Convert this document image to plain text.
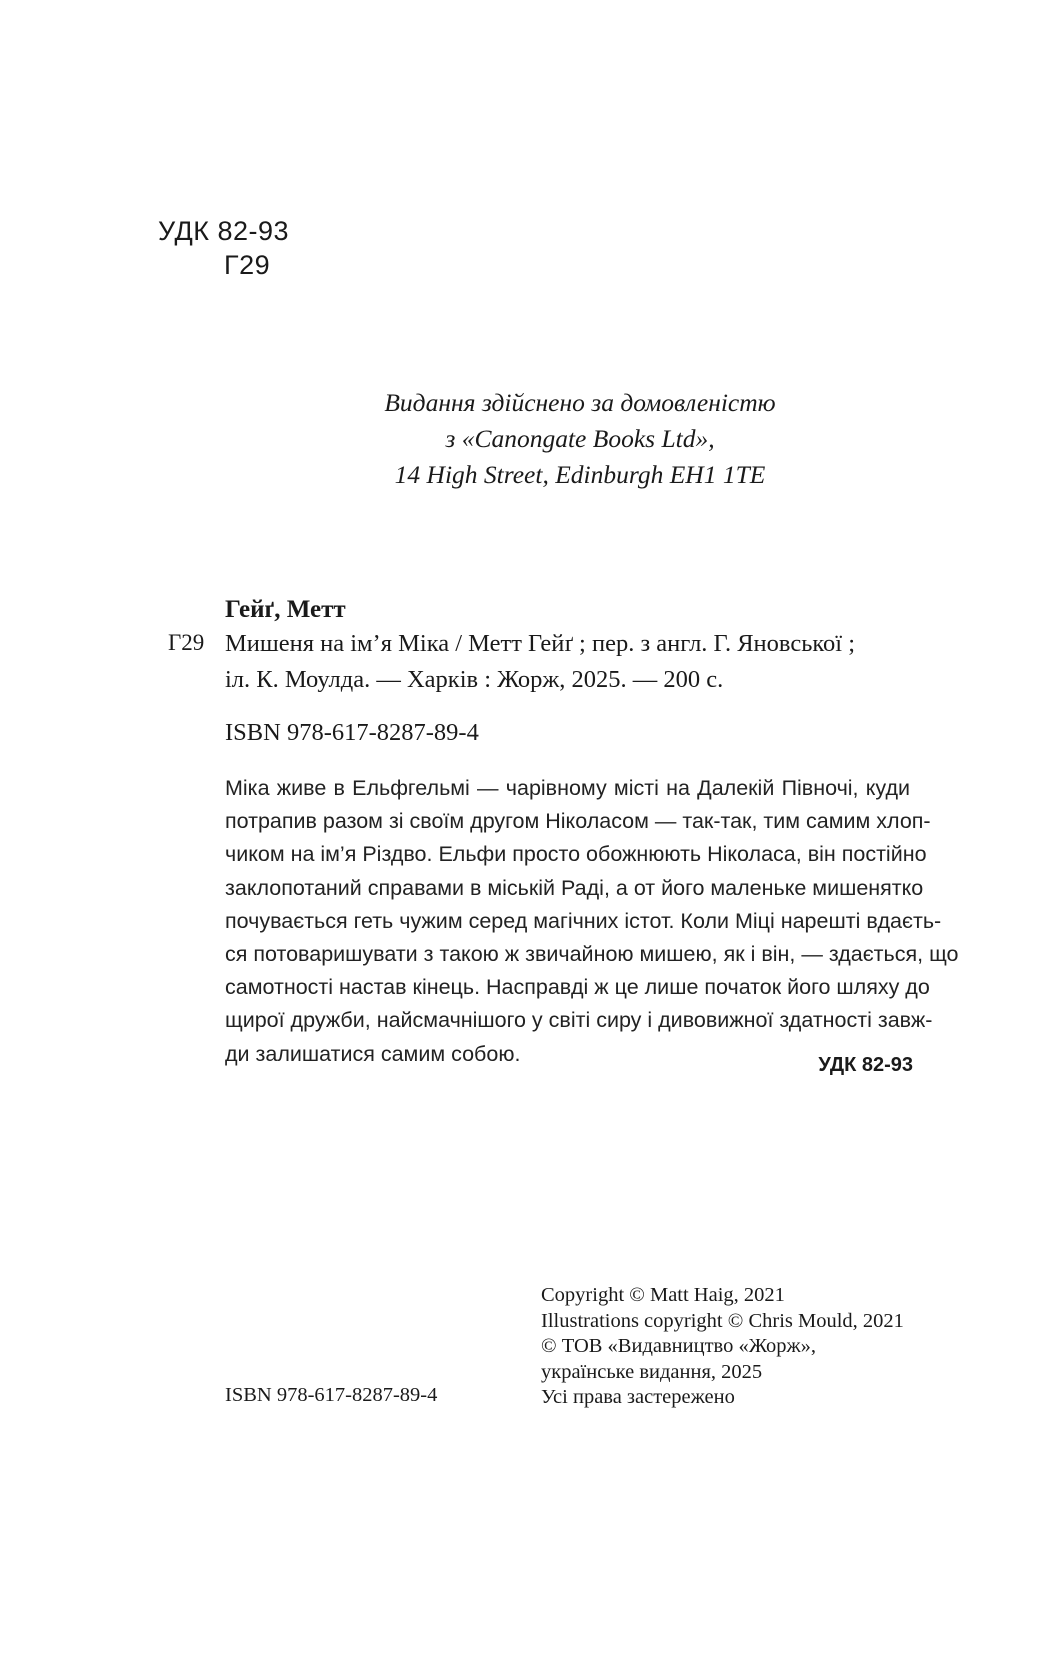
УДК 82-93
Г29
Видання здійснено за домовленістю
з «Canongate Books Ltd»,
14 High Street, Edinburgh EH1 1TE
Гейґ, Метт
Г29 Мишеня на ім’я Міка / Метт Гейґ ; пер. з англ. Г. Яновської ;
іл. К. Моулда. — Харків : Жорж, 2025. — 200 с.
ISBN 978-617-8287-89-4
Міка живе в Ельфгельмі — чарівному місті на Далекій Півночі, куди
потрапив разом зі своїм другом Ніколасом — так-так, тим самим хлоп-
чиком на ім’я Різдво. Ельфи просто обожнюють Ніколаса, він постійно
заклопотаний справами в міській Раді, а от його маленьке мишенятко
почувається геть чужим серед магічних істот. Коли Міці нарешті вдаєть-
ся потоваришувати з такою ж звичайною мишею, як і він, — здається, що
самотності настав кінець. Насправді ж це лише початок його шляху до
щирої дружби, найсмачнішого у світі сиру і дивовижної здатності завж-
ди залишатися самим собою.	УДК 82-93
ISBN 978-617-8287-89-4
Copyright © Matt Haig, 2021
Illustrations copyright © Chris Mould, 2021
© ТОВ «Видавництво «Жорж»,
українське видання, 2025
Усі права застережено
